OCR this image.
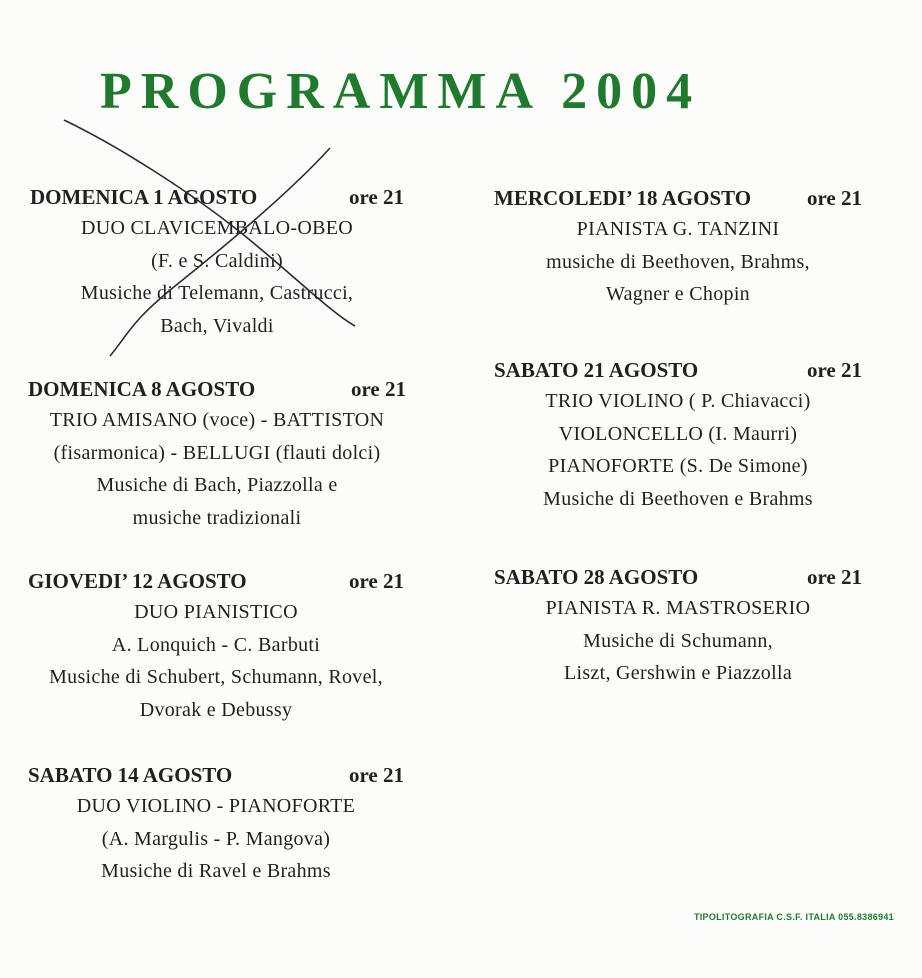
PROGRAMMA 2004
DOMENICA 1 AGOSTO	ore 21
DUO CLAVICEMBALO-OBEO
(F. e S. Caldini)
Musiche di Telemann, Castrucci,
Bach, Vivaldi
DOMENICA 8 AGOSTO	ore 21
TRIO AMISANO (voce) - BATTISTON
(fisarmonica) - BELLUGI (flauti dolci)
Musiche di Bach, Piazzolla e
musiche tradizionali
GIOVEDI’ 12 AGOSTO	ore 21
DUO PIANISTICO
A. Lonquich - C. Barbuti
Musiche di Schubert, Schumann, Rovel,
Dvorak e Debussy
SABATO 14 AGOSTO	ore 21
DUO VIOLINO - PIANOFORTE
(A. Margulis - P. Mangova)
Musiche di Ravel e Brahms
MERCOLEDI’ 18 AGOSTO	ore 21
PIANISTA G. TANZINI
musiche di Beethoven, Brahms,
Wagner e Chopin
SABATO 21 AGOSTO	ore 21
TRIO VIOLINO ( P. Chiavacci)
VIOLONCELLO (I. Maurri)
PIANOFORTE (S. De Simone)
Musiche di Beethoven e Brahms
SABATO 28 AGOSTO	ore 21
PIANISTA R. MASTROSERIO
Musiche di Schumann,
Liszt, Gershwin e Piazzolla
TIPOLITOGRAFIA C.S.F. ITALIA 055.8386941
